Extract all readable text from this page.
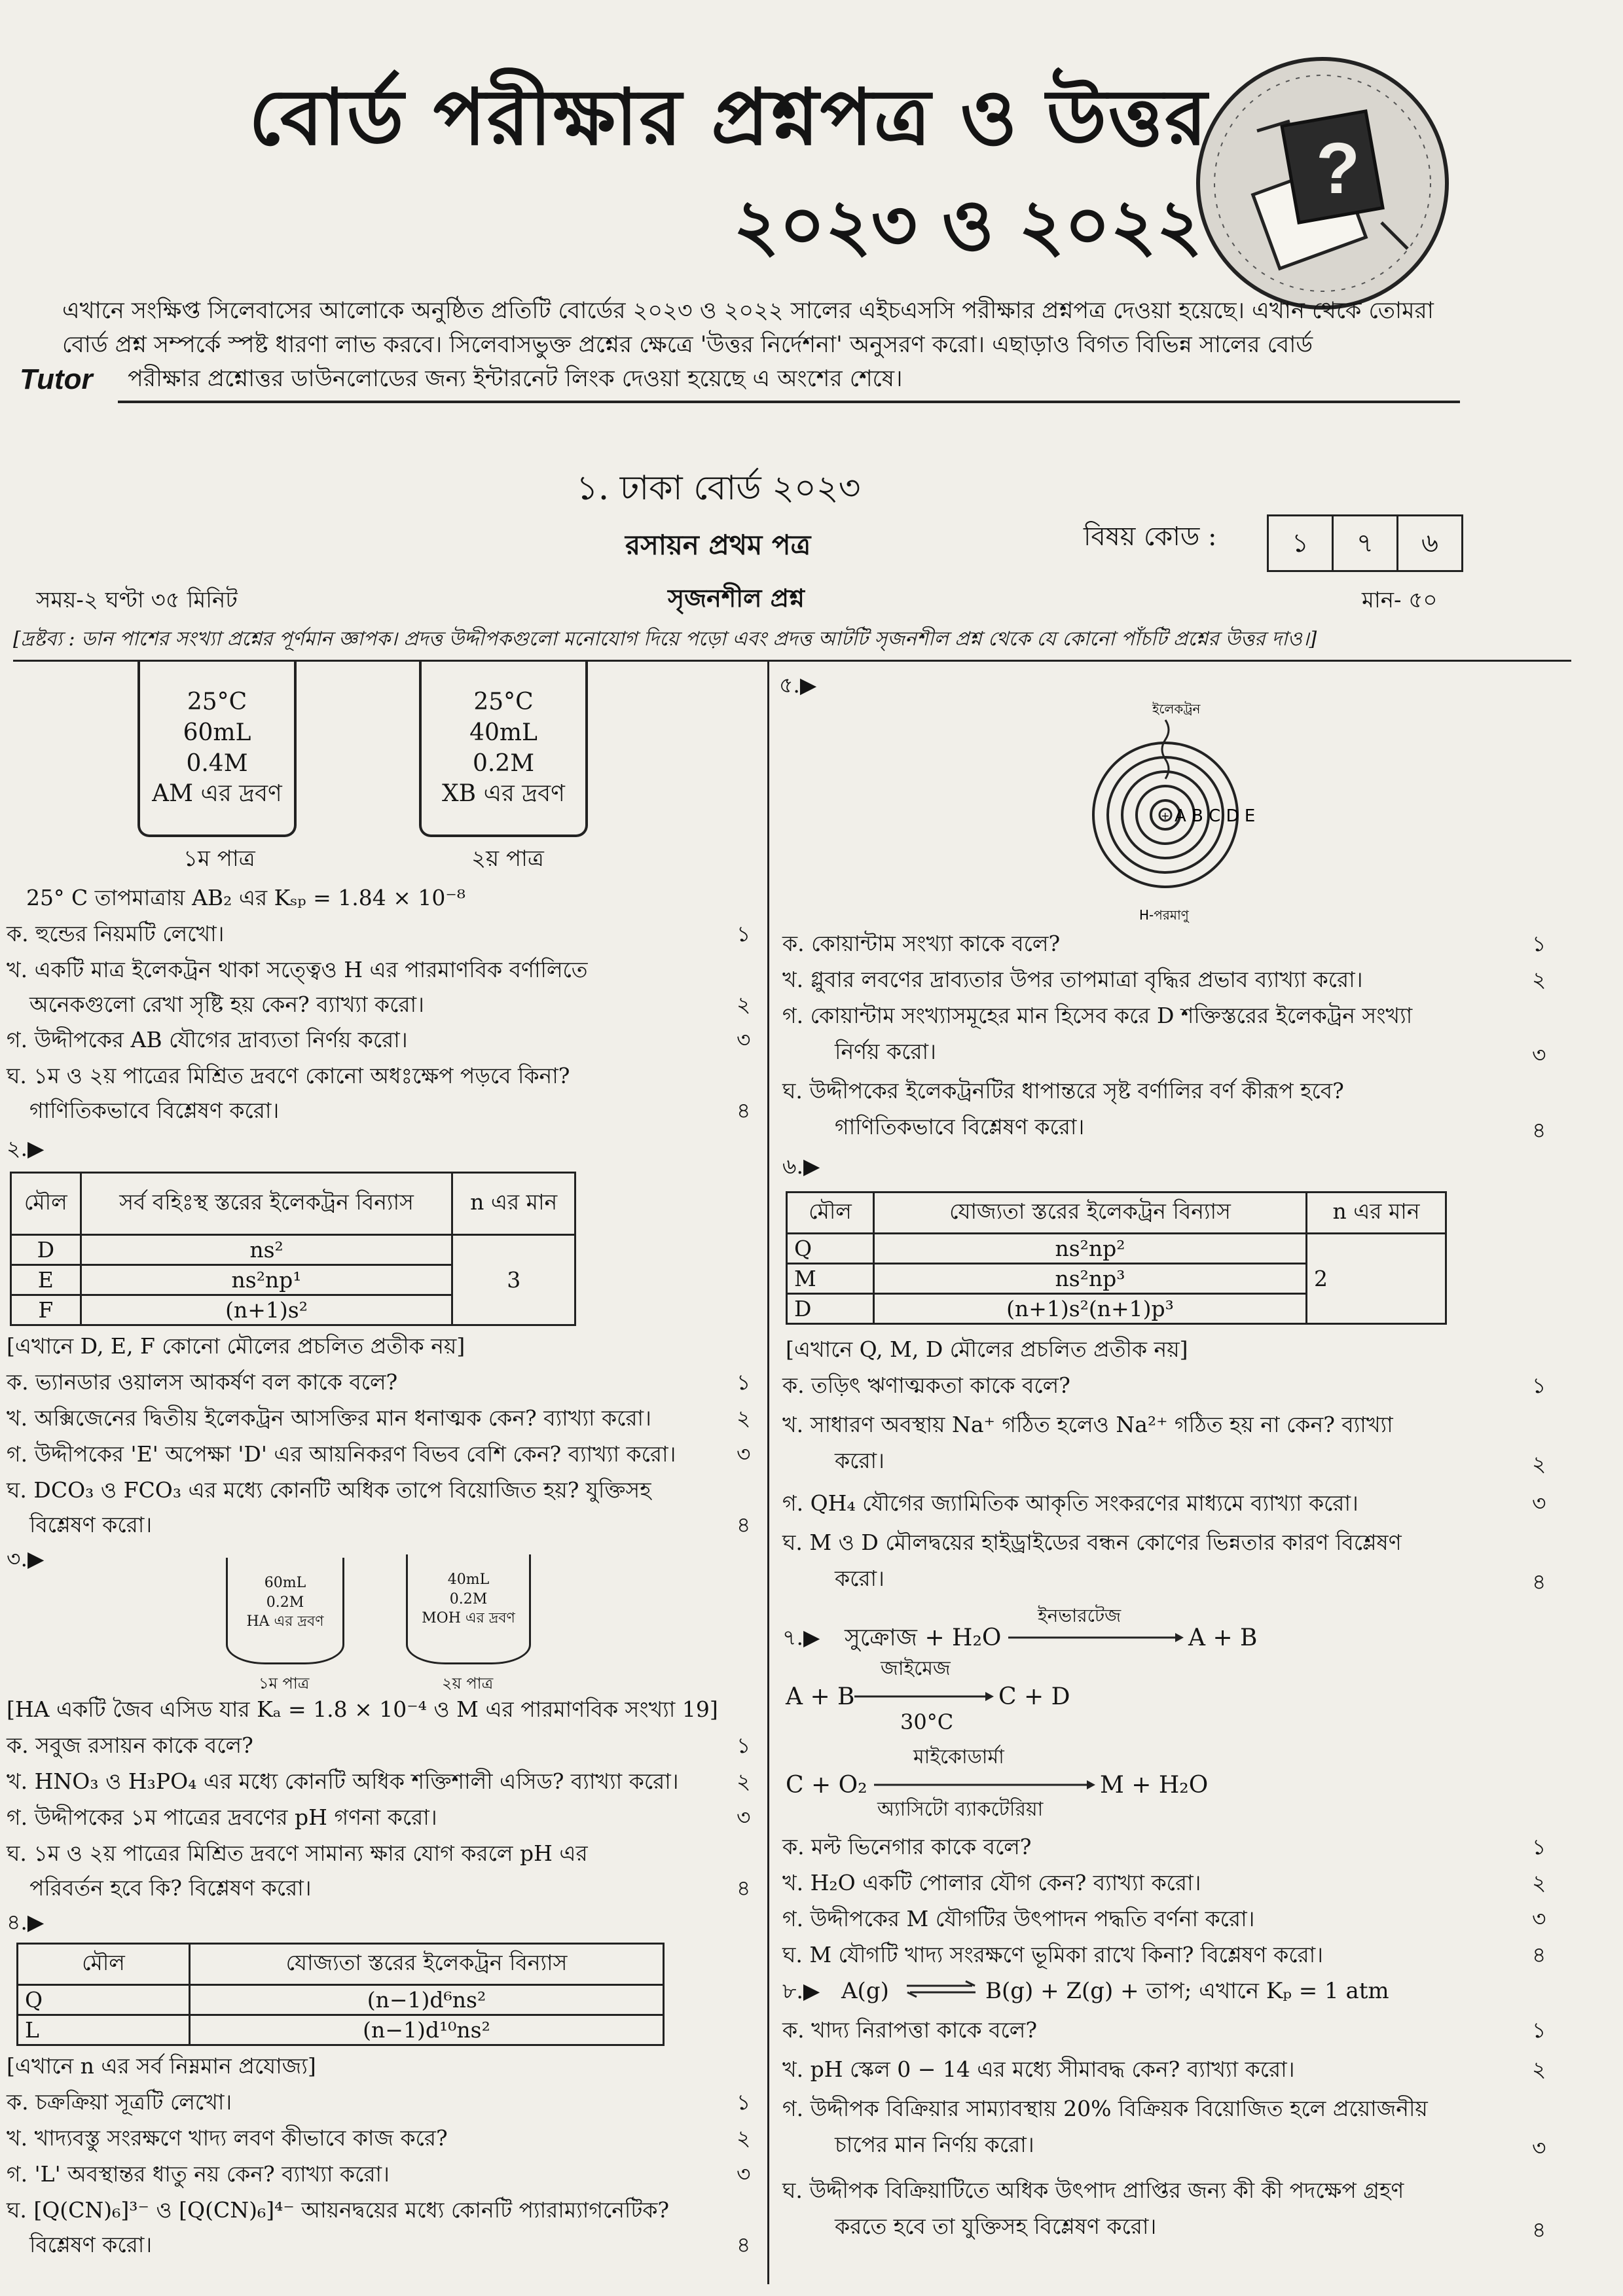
বোর্ড পরীক্ষার প্রশ্নপত্র ও উত্তর
২০২৩ ও ২০২২
?
এখানে সংক্ষিপ্ত সিলেবাসের আলোকে অনুষ্ঠিত প্রতিটি বোর্ডের ২০২৩ ও ২০২২ সালের এইচএসসি পরীক্ষার প্রশ্নপত্র দেওয়া হয়েছে। এখান থেকে তোমরা
বোর্ড প্রশ্ন সম্পর্কে স্পষ্ট ধারণা লাভ করবে। সিলেবাসভুক্ত প্রশ্নের ক্ষেত্রে 'উত্তর নির্দেশনা' অনুসরণ করো। এছাড়াও বিগত বিভিন্ন সালের বোর্ড
পরীক্ষার প্রশ্নোত্তর ডাউনলোডের জন্য ইন্টারনেট লিংক দেওয়া হয়েছে এ অংশের শেষে।
Tutor
১. ঢাকা বোর্ড ২০২৩
রসায়ন প্রথম পত্র	বিষয় কোড :	১	৭	৬
সময়-২ ঘণ্টা ৩৫ মিনিট	সৃজনশীল প্রশ্ন	মান- ৫০
[দ্রষ্টব্য : ডান পাশের সংখ্যা প্রশ্নের পূর্ণমান জ্ঞাপক। প্রদত্ত উদ্দীপকগুলো মনোযোগ দিয়ে পড়ো এবং প্রদত্ত আটটি সৃজনশীল প্রশ্ন থেকে যে কোনো পাঁচটি প্রশ্নের উত্তর দাও।]
25°C
60mL
0.4M
AM এর দ্রবণ
25°C
40mL
0.2M
XB এর দ্রবণ
১ম পাত্র	২য় পাত্র
25° C তাপমাত্রায় AB₂ এর Kₛₚ = 1.84 × 10⁻⁸
ক. হুন্ডের নিয়মটি লেখো।	১
খ. একটি মাত্র ইলেকট্রন থাকা সত্ত্বেও H এর পারমাণবিক বর্ণালিতে
অনেকগুলো রেখা সৃষ্টি হয় কেন? ব্যাখ্যা করো।	২
গ. উদ্দীপকের AB যৌগের দ্রাব্যতা নির্ণয় করো।	৩
ঘ. ১ম ও ২য় পাত্রের মিশ্রিত দ্রবণে কোনো অধঃক্ষেপ পড়বে কিনা?
গাণিতিকভাবে বিশ্লেষণ করো।	৪
২.▶
মৌল	সর্ব বহিঃস্থ স্তরের ইলেকট্রন বিন্যাস	n এর মান
D	ns²	3
E	ns²np¹	
F	(n+1)s²	
[এখানে D, E, F কোনো মৌলের প্রচলিত প্রতীক নয়]
ক. ভ্যানডার ওয়ালস আকর্ষণ বল কাকে বলে?	১
খ. অক্সিজেনের দ্বিতীয় ইলেকট্রন আসক্তির মান ধনাত্মক কেন? ব্যাখ্যা করো।	২
গ. উদ্দীপকের 'E' অপেক্ষা 'D' এর আয়নিকরণ বিভব বেশি কেন? ব্যাখ্যা করো।	৩
ঘ. DCO₃ ও FCO₃ এর মধ্যে কোনটি অধিক তাপে বিয়োজিত হয়? যুক্তিসহ
বিশ্লেষণ করো।	৪
৩.▶
60mL
0.2M
HA এর দ্রবণ
40mL
0.2M
MOH এর দ্রবণ
১ম পাত্র	২য় পাত্র
[HA একটি জৈব এসিড যার Kₐ = 1.8 × 10⁻⁴ ও M এর পারমাণবিক সংখ্যা 19]
ক. সবুজ রসায়ন কাকে বলে?	১
খ. HNO₃ ও H₃PO₄ এর মধ্যে কোনটি অধিক শক্তিশালী এসিড? ব্যাখ্যা করো।	২
গ. উদ্দীপকের ১ম পাত্রের দ্রবণের pH গণনা করো।	৩
ঘ. ১ম ও ২য় পাত্রের মিশ্রিত দ্রবণে সামান্য ক্ষার যোগ করলে pH এর
পরিবর্তন হবে কি? বিশ্লেষণ করো।	৪
৪.▶
মৌল	যোজ্যতা স্তরের ইলেকট্রন বিন্যাস
Q	(n−1)d⁶ns²
L	(n−1)d¹⁰ns²
[এখানে n এর সর্ব নিম্নমান প্রযোজ্য]
ক. চক্রক্রিয়া সূত্রটি লেখো।	১
খ. খাদ্যবস্তু সংরক্ষণে খাদ্য লবণ কীভাবে কাজ করে?	২
গ. 'L' অবস্থান্তর ধাতু নয় কেন? ব্যাখ্যা করো।	৩
ঘ. [Q(CN)₆]³⁻ ও [Q(CN)₆]⁴⁻ আয়নদ্বয়ের মধ্যে কোনটি প্যারাম্যাগনেটিক?
বিশ্লেষণ করো।	৪
৫.▶
ইলেকট্রন
+ A B C D E
H-পরমাণু
ক. কোয়ান্টাম সংখ্যা কাকে বলে?	১
খ. গ্লুবার লবণের দ্রাব্যতার উপর তাপমাত্রা বৃদ্ধির প্রভাব ব্যাখ্যা করো।	২
গ. কোয়ান্টাম সংখ্যাসমূহের মান হিসেব করে D শক্তিস্তরের ইলেকট্রন সংখ্যা
নির্ণয় করো।	৩
ঘ. উদ্দীপকের ইলেকট্রনটির ধাপান্তরে সৃষ্ট বর্ণালির বর্ণ কীরূপ হবে?
গাণিতিকভাবে বিশ্লেষণ করো।	৪
৬.▶
মৌল	যোজ্যতা স্তরের ইলেকট্রন বিন্যাস	n এর মান
Q	ns²np²	2
M	ns²np³	
D	(n+1)s²(n+1)p³	
[এখানে Q, M, D মৌলের প্রচলিত প্রতীক নয়]
ক. তড়িৎ ঋণাত্মকতা কাকে বলে?	১
খ. সাধারণ অবস্থায় Na⁺ গঠিত হলেও Na²⁺ গঠিত হয় না কেন? ব্যাখ্যা
করো।	২
গ. QH₄ যৌগের জ্যামিতিক আকৃতি সংকরণের মাধ্যমে ব্যাখ্যা করো।	৩
ঘ. M ও D মৌলদ্বয়ের হাইড্রাইডের বন্ধন কোণের ভিন্নতার কারণ বিশ্লেষণ
করো।	৪
৭.▶ সুক্রোজ + H₂O
ইনভারটেজ
A + B
A + B
জাইমেজ
30°C
C + D
C + O₂
মাইকোডার্মা
অ্যাসিটো ব্যাকটেরিয়া
M + H₂O
ক. মল্ট ভিনেগার কাকে বলে?	১
খ. H₂O একটি পোলার যৌগ কেন? ব্যাখ্যা করো।	২
গ. উদ্দীপকের M যৌগটির উৎপাদন পদ্ধতি বর্ণনা করো।	৩
ঘ. M যৌগটি খাদ্য সংরক্ষণে ভূমিকা রাখে কিনা? বিশ্লেষণ করো।	৪
৮.▶ A(g)	B(g) + Z(g) + তাপ; এখানে Kₚ = 1 atm
ক. খাদ্য নিরাপত্তা কাকে বলে?	১
খ. pH স্কেল 0 − 14 এর মধ্যে সীমাবদ্ধ কেন? ব্যাখ্যা করো।	২
গ. উদ্দীপক বিক্রিয়ার সাম্যাবস্থায় 20% বিক্রিয়ক বিয়োজিত হলে প্রয়োজনীয়
চাপের মান নির্ণয় করো।	৩
ঘ. উদ্দীপক বিক্রিয়াটিতে অধিক উৎপাদ প্রাপ্তির জন্য কী কী পদক্ষেপ গ্রহণ
করতে হবে তা যুক্তিসহ বিশ্লেষণ করো।	৪
